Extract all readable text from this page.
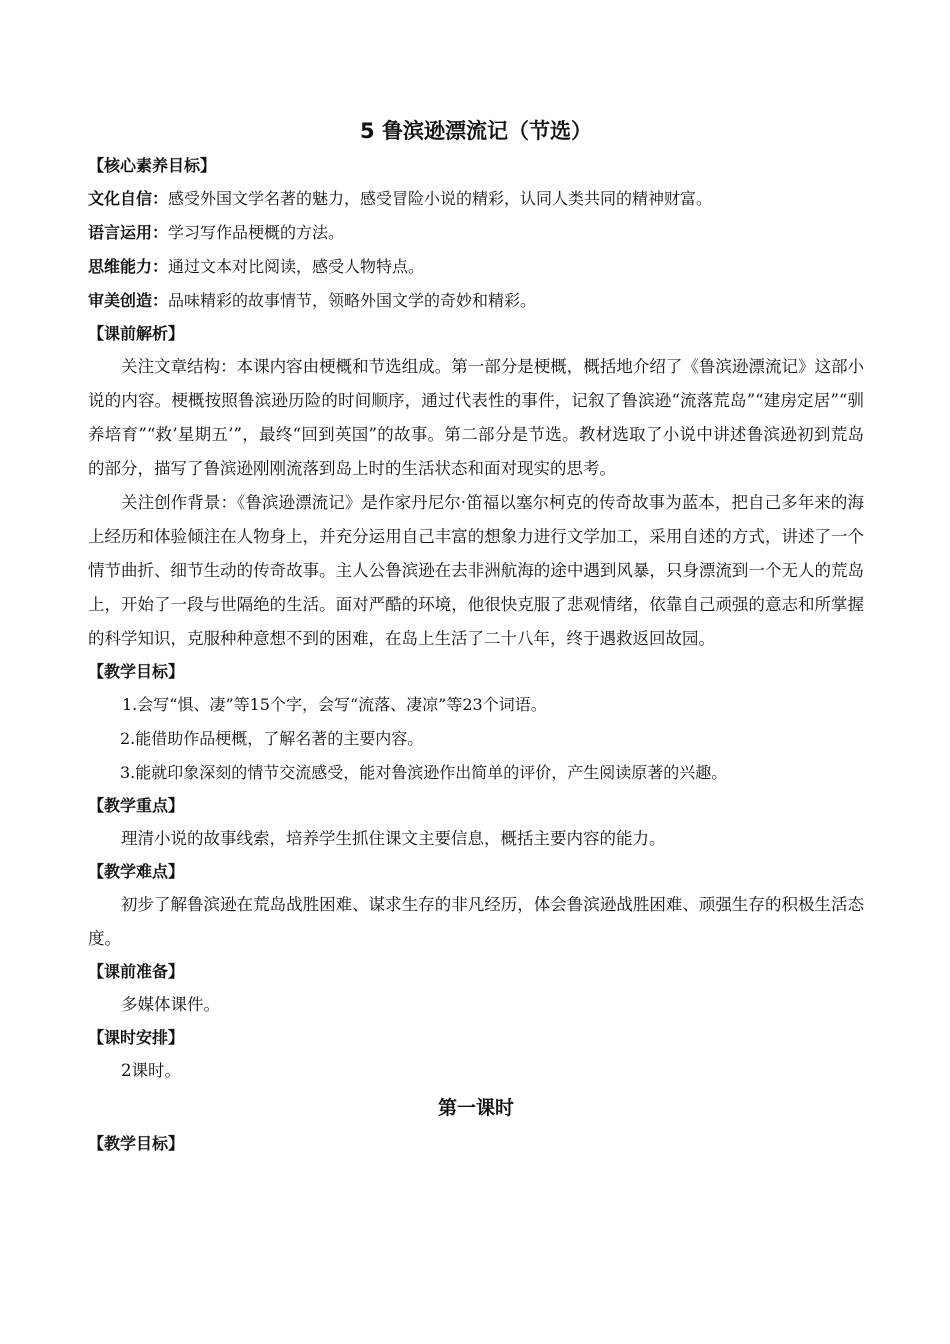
5 鲁滨逊漂流记（节选）
【核心素养目标】
文化自信：感受外国文学名著的魅力，感受冒险小说的精彩，认同人类共同的精神财富。
语言运用：学习写作品梗概的方法。
思维能力：通过文本对比阅读，感受人物特点。
审美创造：品味精彩的故事情节，领略外国文学的奇妙和精彩。
【课前解析】

关注文章结构：本课内容由梗概和节选组成。第一部分是梗概，概括地介绍了《鲁滨逊漂流记》这部小说的内容。梗概按照鲁滨逊历险的时间顺序，通过代表性的事件，记叙了鲁滨逊“流落荒岛”“建房定居”“驯养培育”“救’星期五’”，最终“回到英国”的故事。第二部分是节选。教材选取了小说中讲述鲁滨逊初到荒岛的部分，描写了鲁滨逊刚刚流落到岛上时的生活状态和面对现实的思考。

关注创作背景：《鲁滨逊漂流记》是作家丹尼尔·笛福以塞尔柯克的传奇故事为蓝本，把自己多年来的海上经历和体验倾注在人物身上，并充分运用自己丰富的想象力进行文学加工，采用自述的方式，讲述了一个情节曲折、细节生动的传奇故事。主人公鲁滨逊在去非洲航海的途中遇到风暴，只身漂流到一个无人的荒岛上，开始了一段与世隔绝的生活。面对严酷的环境，他很快克服了悲观情绪，依靠自己顽强的意志和所掌握的科学知识，克服种种意想不到的困难，在岛上生活了二十八年，终于遇救返回故园。

【教学目标】
1.会写“惧、凄”等15个字，会写“流落、凄凉”等23个词语。
2.能借助作品梗概，了解名著的主要内容。
3.能就印象深刻的情节交流感受，能对鲁滨逊作出简单的评价，产生阅读原著的兴趣。
【教学重点】

理清小说的故事线索，培养学生抓住课文主要信息，概括主要内容的能力。

【教学难点】

初步了解鲁滨逊在荒岛战胜困难、谋求生存的非凡经历，体会鲁滨逊战胜困难、顽强生存的积极生活态度。

【课前准备】

多媒体课件。

【课时安排】

2课时。

第一课时
【教学目标】
